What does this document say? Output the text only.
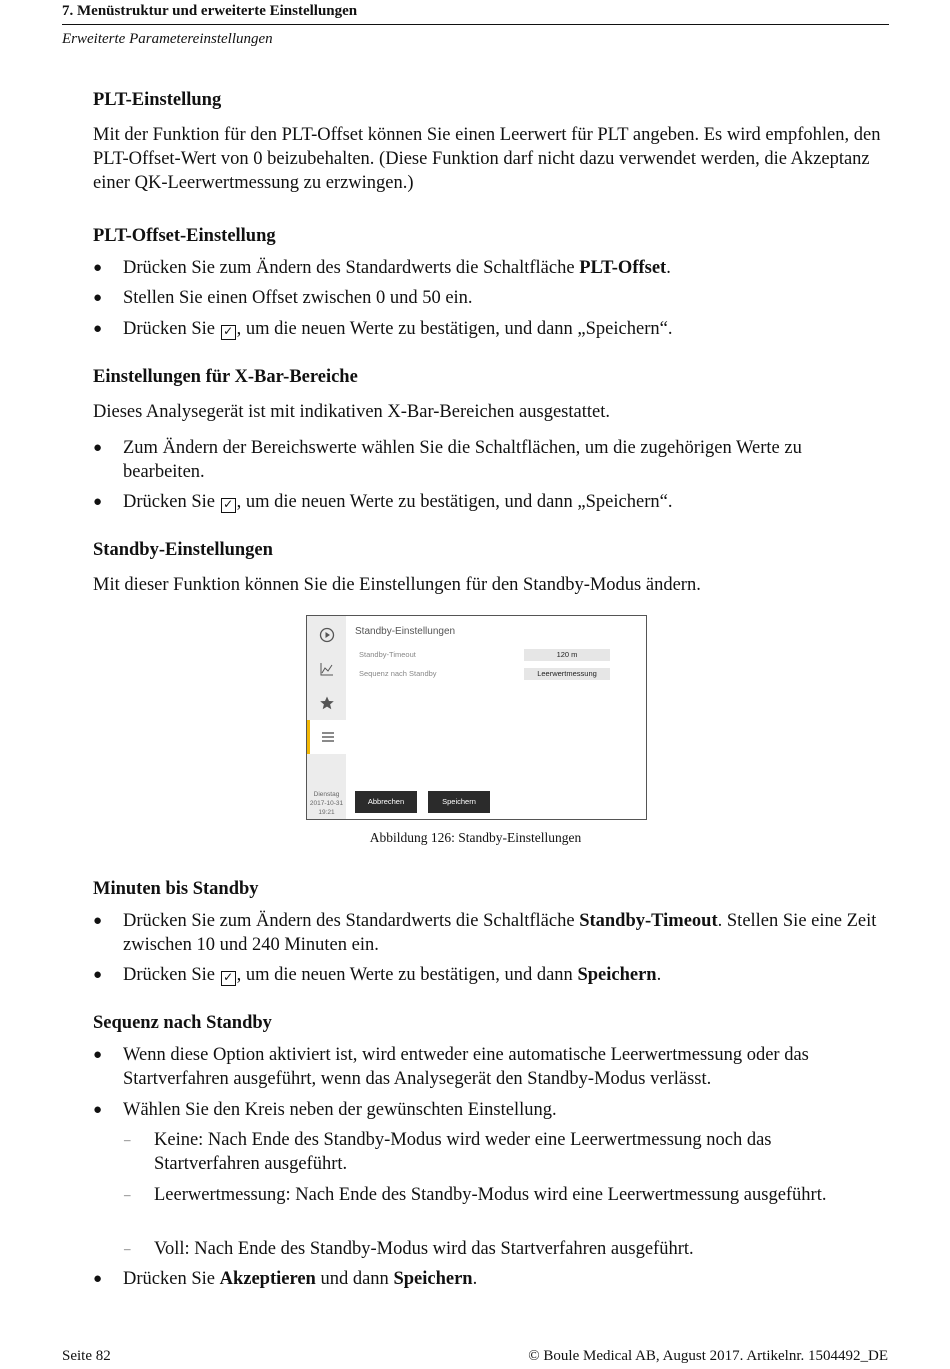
7. Menüstruktur und erweiterte Einstellungen
Erweiterte Parametereinstellungen
PLT-Einstellung
Mit der Funktion für den PLT-Offset können Sie einen Leerwert für PLT angeben. Es wird empfohlen, den PLT-Offset-Wert von 0 beizubehalten. (Diese Funktion darf nicht dazu verwendet werden, die Akzeptanz einer QK-Leerwertmessung zu erzwingen.)
PLT-Offset-Einstellung
● Drücken Sie zum Ändern des Standardwerts die Schaltfläche PLT-Offset.
● Stellen Sie einen Offset zwischen 0 und 50 ein.
● Drücken Sie ✓ , um die neuen Werte zu bestätigen, und dann „Speichern“.
Einstellungen für X-Bar-Bereiche
Dieses Analysegerät ist mit indikativen X-Bar-Bereichen ausgestattet.
● Zum Ändern der Bereichswerte wählen Sie die Schaltflächen, um die zugehörigen Werte zu bearbeiten.
● Drücken Sie ✓ , um die neuen Werte zu bestätigen, und dann „Speichern“.
Standby-Einstellungen
Mit dieser Funktion können Sie die Einstellungen für den Standby-Modus ändern.
Dienstag
2017-10-31
19:21
Standby-Einstellungen
Standby-Timeout	120 m
Sequenz nach Standby	Leerwertmessung
Abbrechen	Speichern
Abbildung 126: Standby-Einstellungen
Minuten bis Standby
● Drücken Sie zum Ändern des Standardwerts die Schaltfläche Standby-Timeout. Stellen Sie eine Zeit zwischen 10 und 240 Minuten ein.
● Drücken Sie ✓ , um die neuen Werte zu bestätigen, und dann Speichern.
Sequenz nach Standby
● Wenn diese Option aktiviert ist, wird entweder eine automatische Leerwertmessung oder das Startverfahren ausgeführt, wenn das Analysegerät den Standby-Modus verlässt.
● Wählen Sie den Kreis neben der gewünschten Einstellung.
– Keine: Nach Ende des Standby-Modus wird weder eine Leerwertmessung noch das Startverfahren ausgeführt.
– Leerwertmessung: Nach Ende des Standby-Modus wird eine Leerwertmessung ausgeführt.
– Voll: Nach Ende des Standby-Modus wird das Startverfahren ausgeführt.
● Drücken Sie Akzeptieren und dann Speichern.
Seite 82	© Boule Medical AB, August 2017. Artikelnr. 1504492_DE
